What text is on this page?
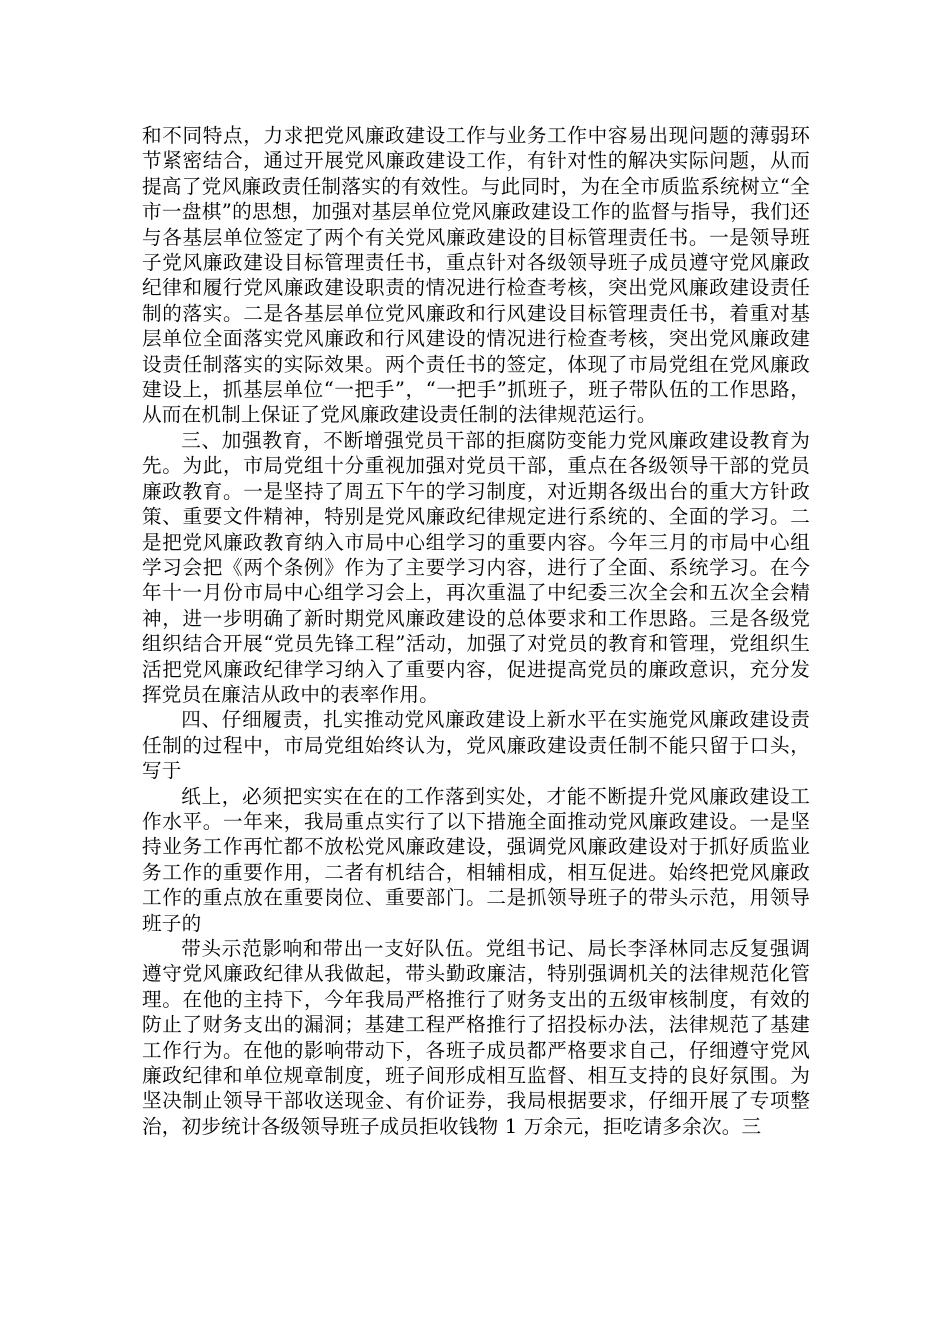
和不同特点，力求把党风廉政建设工作与业务工作中容易出现问题的薄弱环节紧密结合，通过开展党风廉政建设工作，有针对性的解决实际问题，从而提高了党风廉政责任制落实的有效性。与此同时，为在全市质监系统树立“全市一盘棋”的思想，加强对基层单位党风廉政建设工作的监督与指导，我们还与各基层单位签定了两个有关党风廉政建设的目标管理责任书。一是领导班子党风廉政建设目标管理责任书，重点针对各级领导班子成员遵守党风廉政纪律和履行党风廉政建设职责的情况进行检查考核，突出党风廉政建设责任制的落实。二是各基层单位党风廉政和行风建设目标管理责任书，着重对基层单位全面落实党风廉政和行风建设的情况进行检查考核，突出党风廉政建设责任制落实的实际效果。两个责任书的签定，体现了市局党组在党风廉政建设上，抓基层单位“一把手”，“一把手”抓班子，班子带队伍的工作思路，从而在机制上保证了党风廉政建设责任制的法律规范运行。

三、加强教育，不断增强党员干部的拒腐防变能力党风廉政建设教育为先。为此，市局党组十分重视加强对党员干部，重点在各级领导干部的党员廉政教育。一是坚持了周五下午的学习制度，对近期各级出台的重大方针政策、重要文件精神，特别是党风廉政纪律规定进行系统的、全面的学习。二是把党风廉政教育纳入市局中心组学习的重要内容。今年三月的市局中心组学习会把《两个条例》作为了主要学习内容，进行了全面、系统学习。在今年十一月份市局中心组学习会上，再次重温了中纪委三次全会和五次全会精神，进一步明确了新时期党风廉政建设的总体要求和工作思路。三是各级党组织结合开展“党员先锋工程”活动，加强了对党员的教育和管理，党组织生活把党风廉政纪律学习纳入了重要内容，促进提高党员的廉政意识，充分发挥党员在廉洁从政中的表率作用。

四、仔细履责，扎实推动党风廉政建设上新水平在实施党风廉政建设责任制的过程中，市局党组始终认为，党风廉政建设责任制不能只留于口头，写于

纸上，必须把实实在在的工作落到实处，才能不断提升党风廉政建设工作水平。一年来，我局重点实行了以下措施全面推动党风廉政建设。一是坚持业务工作再忙都不放松党风廉政建设，强调党风廉政建设对于抓好质监业务工作的重要作用，二者有机结合，相辅相成，相互促进。始终把党风廉政工作的重点放在重要岗位、重要部门。二是抓领导班子的带头示范，用领导班子的

带头示范影响和带出一支好队伍。党组书记、局长李泽林同志反复强调遵守党风廉政纪律从我做起，带头勤政廉洁，特别强调机关的法律规范化管理。在他的主持下，今年我局严格推行了财务支出的五级审核制度，有效的防止了财务支出的漏洞；基建工程严格推行了招投标办法，法律规范了基建工作行为。在他的影响带动下，各班子成员都严格要求自己，仔细遵守党风廉政纪律和单位规章制度，班子间形成相互监督、相互支持的良好氛围。为坚决制止领导干部收送现金、有价证券，我局根据要求，仔细开展了专项整治，初步统计各级领导班子成员拒收钱物 1 万余元，拒吃请多余次。三
